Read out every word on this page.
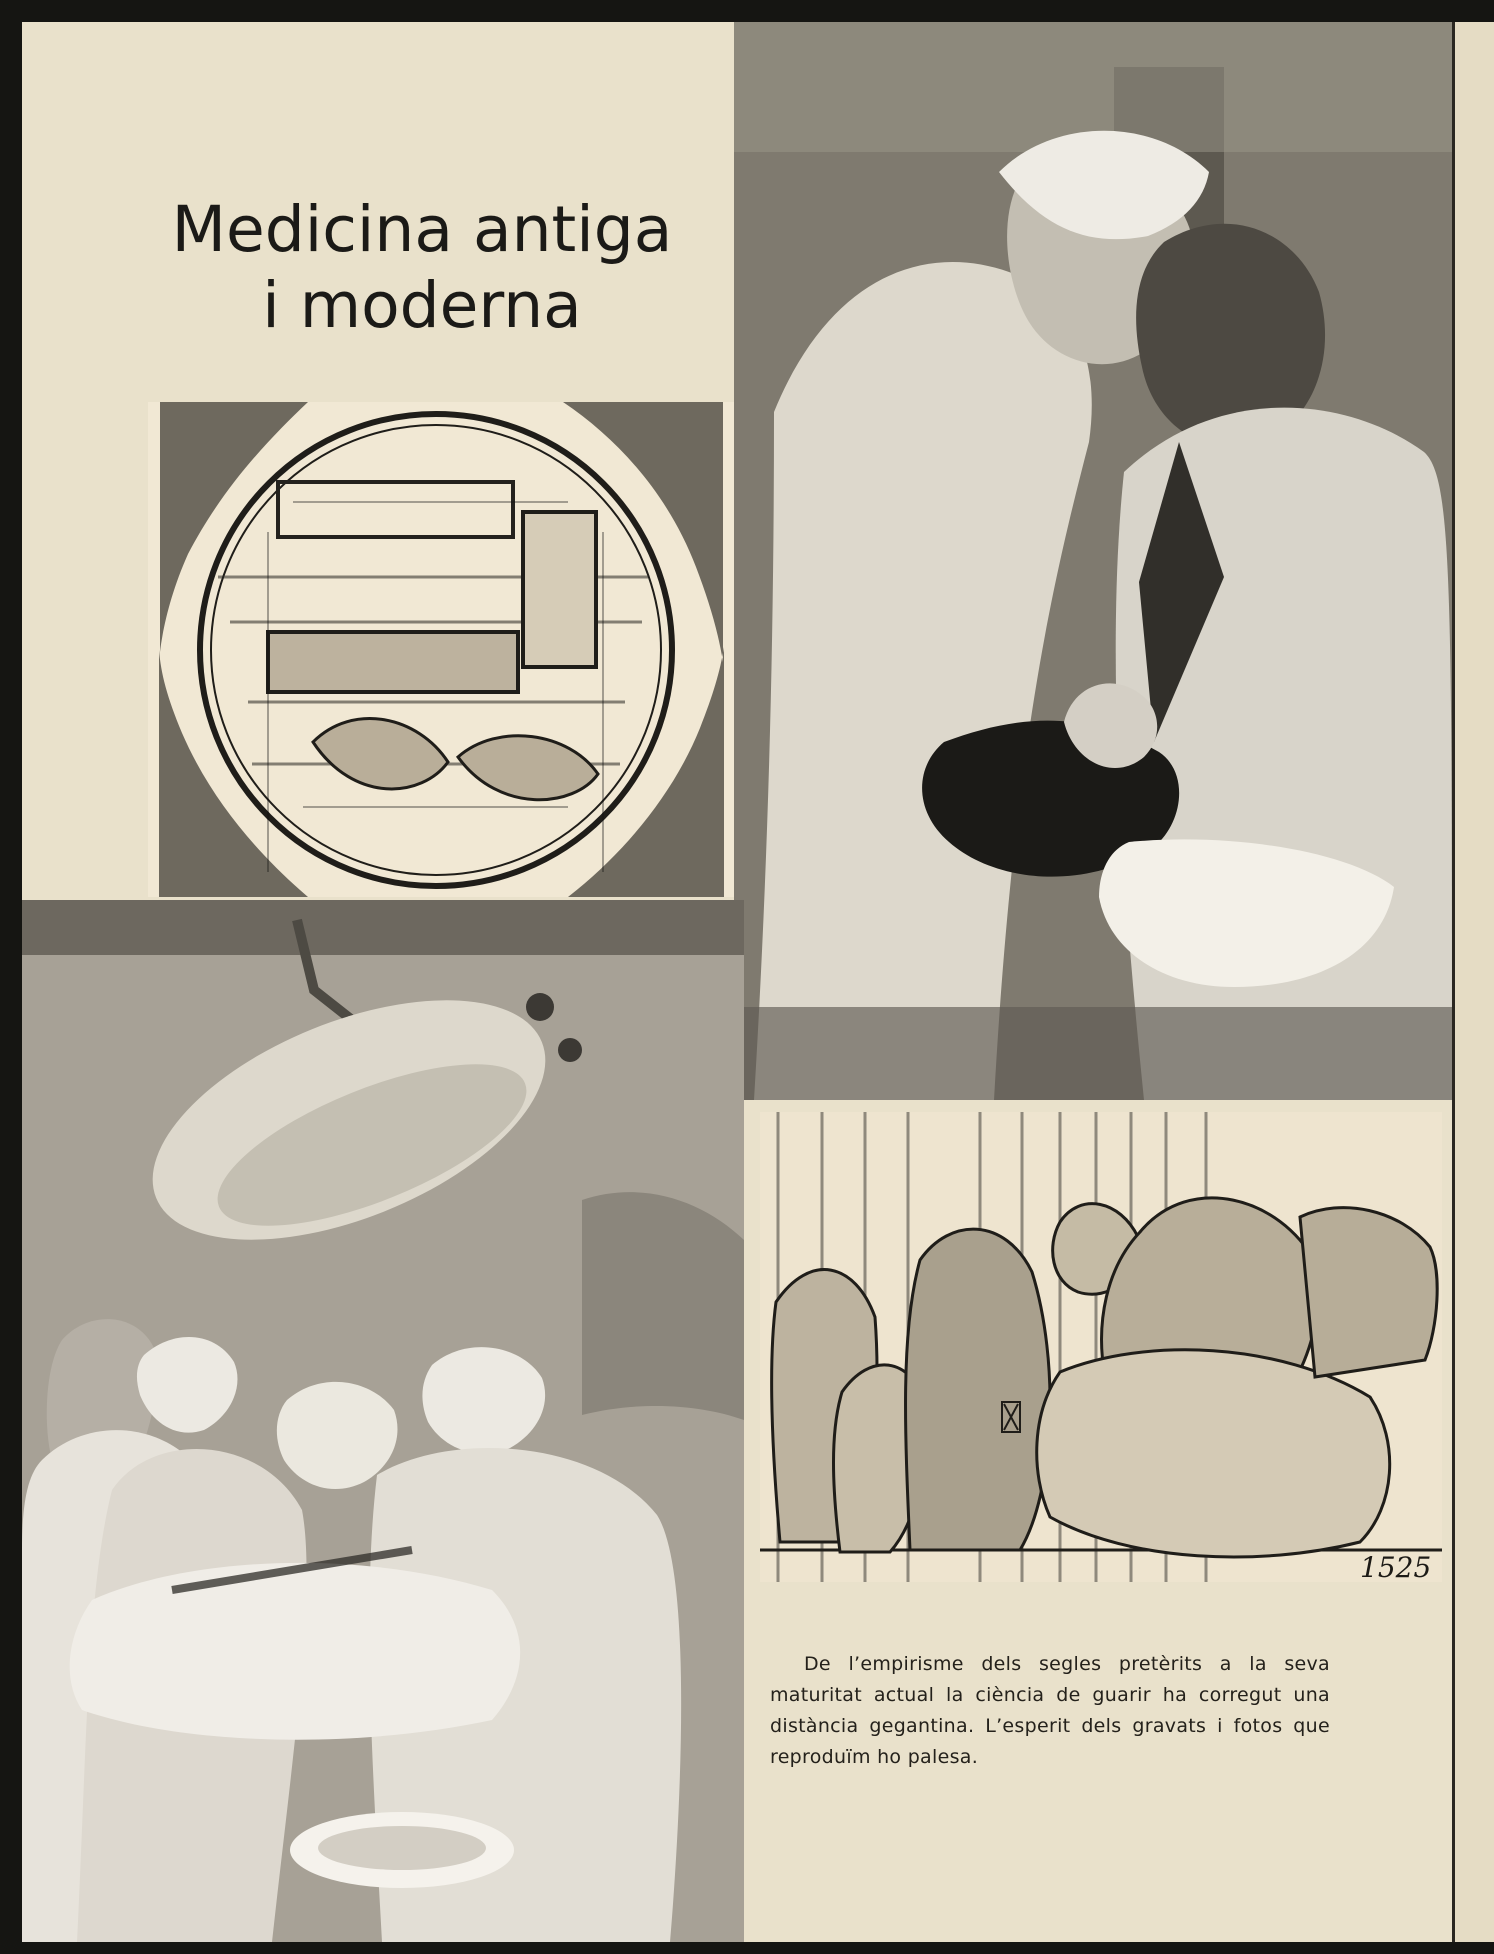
Medicina antiga
i moderna
1525
De l’empirisme dels segles pretèrits a la seva maturitat actual la ciència de guarir ha corregut una distància gegantina. L’esperit dels gravats i fotos que reproduïm ho palesa.
